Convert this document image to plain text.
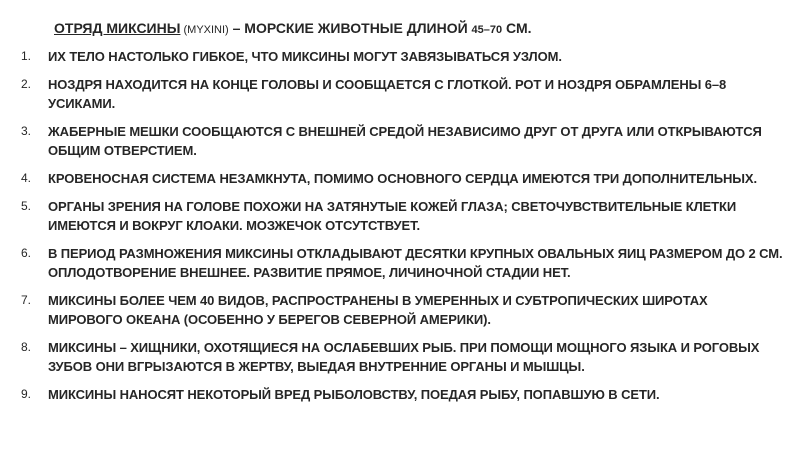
ОТРЯД МИКСИНЫ (MYXINI) – МОРСКИЕ ЖИВОТНЫЕ ДЛИНОЙ 45–70 СМ.
1. ИХ ТЕЛО НАСТОЛЬКО ГИБКОЕ, ЧТО МИКСИНЫ МОГУТ ЗАВЯЗЫВАТЬСЯ УЗЛОМ.
2. НОЗДРЯ НАХОДИТСЯ НА КОНЦЕ ГОЛОВЫ И СООБЩАЕТСЯ С ГЛОТКОЙ. РОТ И НОЗДРЯ ОБРАМЛЕНЫ 6–8 УСИКАМИ.
3. ЖАБЕРНЫЕ МЕШКИ СООБЩАЮТСЯ С ВНЕШНЕЙ СРЕДОЙ НЕЗАВИСИМО ДРУГ ОТ ДРУГА ИЛИ ОТКРЫВАЮТСЯ ОБЩИМ ОТВЕРСТИЕМ.
4. КРОВЕНОСНАЯ СИСТЕМА НЕЗАМКНУТА, ПОМИМО ОСНОВНОГО СЕРДЦА ИМЕЮТСЯ ТРИ ДОПОЛНИТЕЛЬНЫХ.
5. ОРГАНЫ ЗРЕНИЯ НА ГОЛОВЕ ПОХОЖИ НА ЗАТЯНУТЫЕ КОЖЕЙ ГЛАЗА; СВЕТОЧУВСТВИТЕЛЬНЫЕ КЛЕТКИ ИМЕЮТСЯ И ВОКРУГ КЛОАКИ. МОЗЖЕЧОК ОТСУТСТВУЕТ.
6. В ПЕРИОД РАЗМНОЖЕНИЯ МИКСИНЫ ОТКЛАДЫВАЮТ ДЕСЯТКИ КРУПНЫХ ОВАЛЬНЫХ ЯИЦ РАЗМЕРОМ ДО 2 СМ. ОПЛОДОТВОРЕНИЕ ВНЕШНЕЕ. РАЗВИТИЕ ПРЯМОЕ, ЛИЧИНОЧНОЙ СТАДИИ НЕТ.
7. МИКСИНЫ БОЛЕЕ ЧЕМ 40 ВИДОВ, РАСПРОСТРАНЕНЫ В УМЕРЕННЫХ И СУБТРОПИЧЕСКИХ ШИРОТАХ МИРОВОГО ОКЕАНА (ОСОБЕННО У БЕРЕГОВ СЕВЕРНОЙ АМЕРИКИ).
8. МИКСИНЫ – ХИЩНИКИ, ОХОТЯЩИЕСЯ НА ОСЛАБЕВШИХ РЫБ. ПРИ ПОМОЩИ МОЩНОГО ЯЗЫКА И РОГОВЫХ ЗУБОВ ОНИ ВГРЫЗАЮТСЯ В ЖЕРТВУ, ВЫЕДАЯ ВНУТРЕННИЕ ОРГАНЫ И МЫШЦЫ.
9. МИКСИНЫ НАНОСЯТ НЕКОТОРЫЙ ВРЕД РЫБОЛОВСТВУ, ПОЕДАЯ РЫБУ, ПОПАВШУЮ В СЕТИ.
